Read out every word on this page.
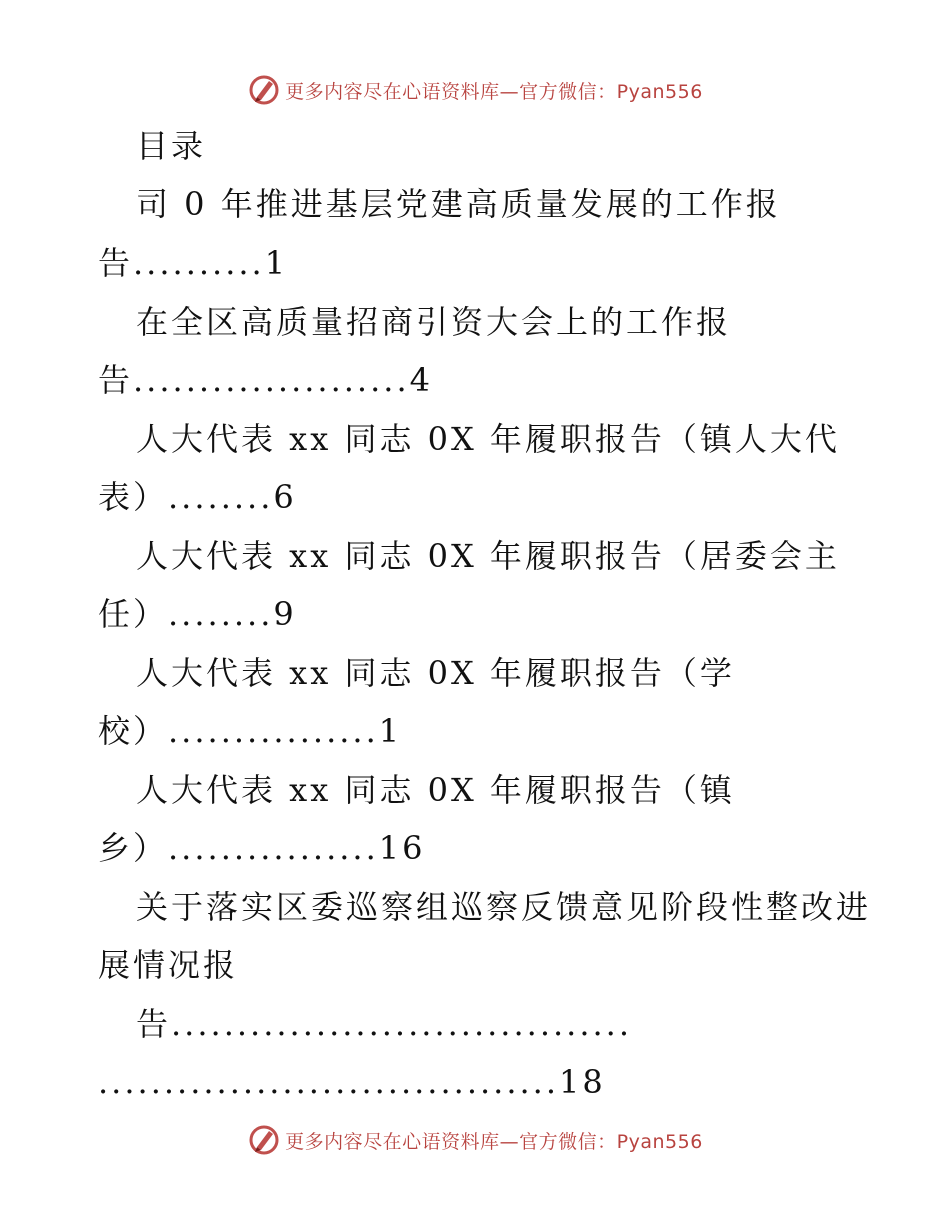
更多内容尽在心语资料库—官方微信：Pyan556
目录
司 0 年推进基层党建高质量发展的工作报
告..........1
在全区高质量招商引资大会上的工作报
告.....................4
人大代表 xx 同志 0X 年履职报告（镇人大代
表）........6
人大代表 xx 同志 0X 年履职报告（居委会主
任）........9
人大代表 xx 同志 0X 年履职报告（学
校）................1
人大代表 xx 同志 0X 年履职报告（镇
乡）................16
关于落实区委巡察组巡察反馈意见阶段性整改进
展情况报
告...................................
...................................18
更多内容尽在心语资料库—官方微信：Pyan556
